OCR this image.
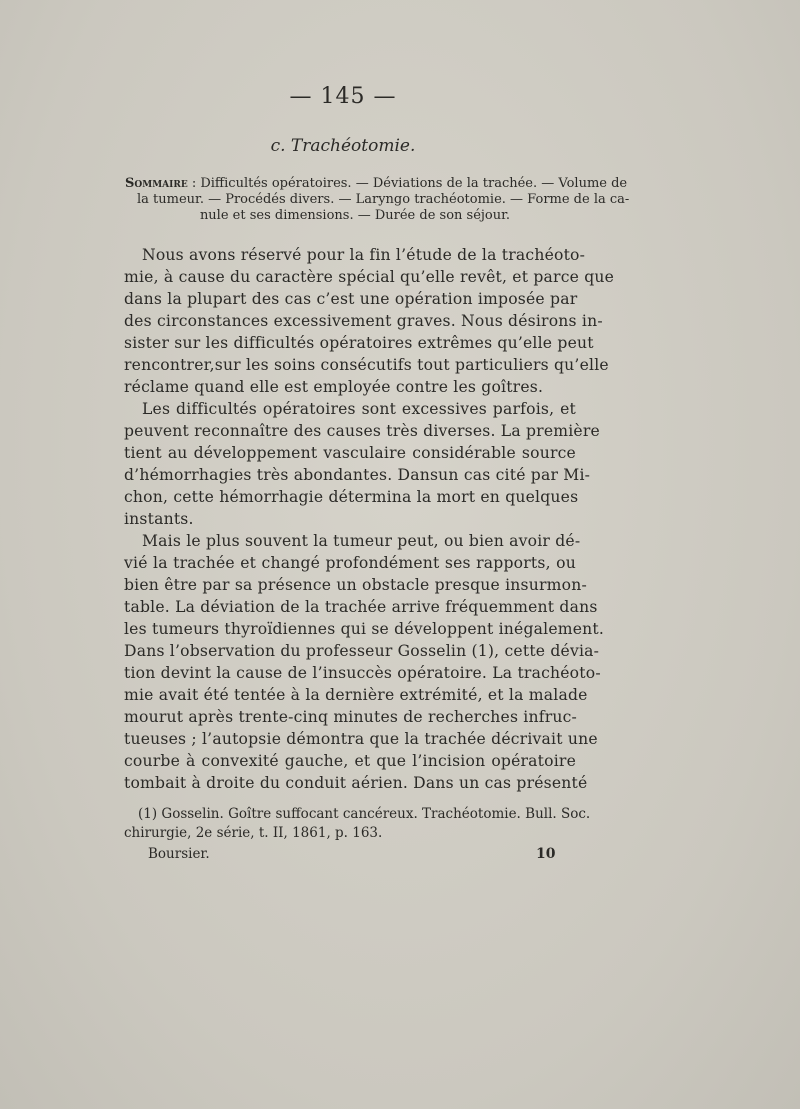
— 145 —
c. Trachéotomie.
Sommaire : Difficultés opératoires. — Déviations de la trachée. — Volume de
la tumeur. — Procédés divers. — Laryngo trachéotomie. — Forme de la ca-
nule et ses dimensions. — Durée de son séjour.
Nous avons réservé pour la fin l’étude de la trachéoto-
mie, à cause du caractère spécial qu’elle revêt, et parce que
dans la plupart des cas c’est une opération imposée par
des circonstances excessivement graves. Nous désirons in-
sister sur les difficultés opératoires extrêmes qu’elle peut
rencontrer,sur les soins consécutifs tout particuliers qu’elle
réclame quand elle est employée contre les goîtres.
Les difficultés opératoires sont excessives parfois, et
peuvent reconnaître des causes très diverses. La première
tient au développement vasculaire considérable source
d’hémorrhagies très abondantes. Dansun cas cité par Mi-
chon, cette hémorrhagie détermina la mort en quelques
instants.
Mais le plus souvent la tumeur peut, ou bien avoir dé-
vié la trachée et changé profondément ses rapports, ou
bien être par sa présence un obstacle presque insurmon-
table. La déviation de la trachée arrive fréquemment dans
les tumeurs thyroïdiennes qui se développent inégalement.
Dans l’observation du professeur Gosselin (1), cette dévia-
tion devint la cause de l’insuccès opératoire. La trachéoto-
mie avait été tentée à la dernière extrémité, et la malade
mourut après trente-cinq minutes de recherches infruc-
tueuses ; l’autopsie démontra que la trachée décrivait une
courbe à convexité gauche, et que l’incision opératoire
tombait à droite du conduit aérien. Dans un cas présenté
(1) Gosselin. Goître suffocant cancéreux. Trachéotomie. Bull. Soc.
chirurgie, 2e série, t. II, 1861, p. 163.
Boursier.	10
